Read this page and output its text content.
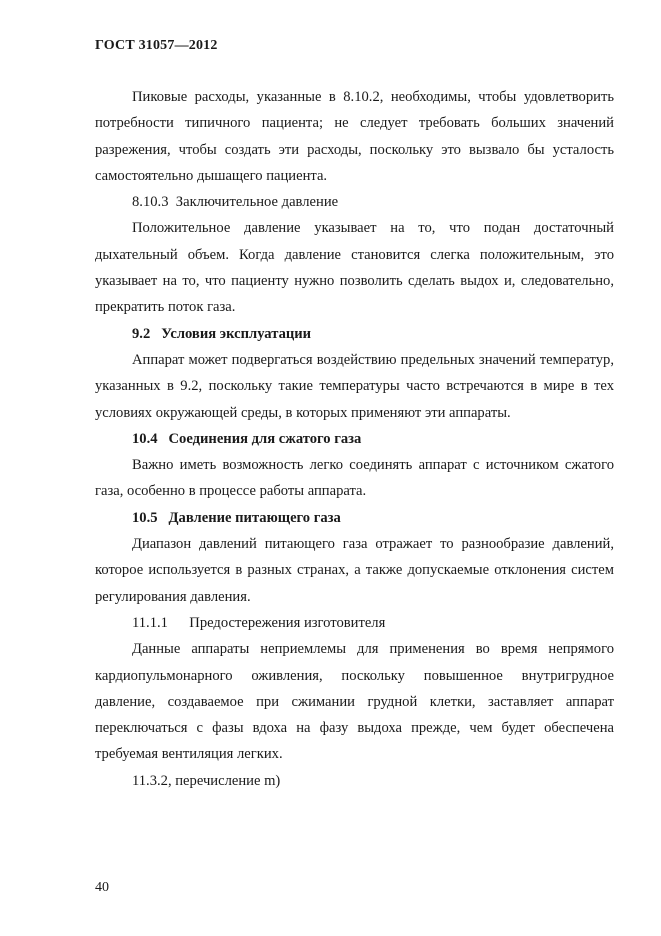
ГОСТ 31057—2012

Пиковые расходы, указанные в 8.10.2, необходимы, чтобы удовлетворить потребности типичного пациента; не следует требовать больших значений разрежения, чтобы создать эти расходы, поскольку это вызвало бы усталость самостоятельно дышащего пациента.

8.10.3 Заключительное давление

Положительное давление указывает на то, что подан достаточный дыхательный объем. Когда давление становится слегка положительным, это указывает на то, что пациенту нужно позволить сделать выдох и, следовательно, прекратить поток газа.

9.2 Условия эксплуатации

Аппарат может подвергаться воздействию предельных значений температур, указанных в 9.2, поскольку такие температуры часто встречаются в мире в тех условиях окружающей среды, в которых применяют эти аппараты.

10.4 Соединения для сжатого газа

Важно иметь возможность легко соединять аппарат с источником сжатого газа, особенно в процессе работы аппарата.

10.5 Давление питающего газа

Диапазон давлений питающего газа отражает то разнообразие давлений, которое используется в разных странах, а также допускаемые отклонения систем регулирования давления.

11.1.1 Предостережения изготовителя

Данные аппараты неприемлемы для применения во время непрямого кардиопульмонарного оживления, поскольку повышенное внутригрудное давление, создаваемое при сжимании грудной клетки, заставляет аппарат переключаться с фазы вдоха на фазу выдоха прежде, чем будет обеспечена требуемая вентиляция легких.

11.3.2, перечисление m)
40
